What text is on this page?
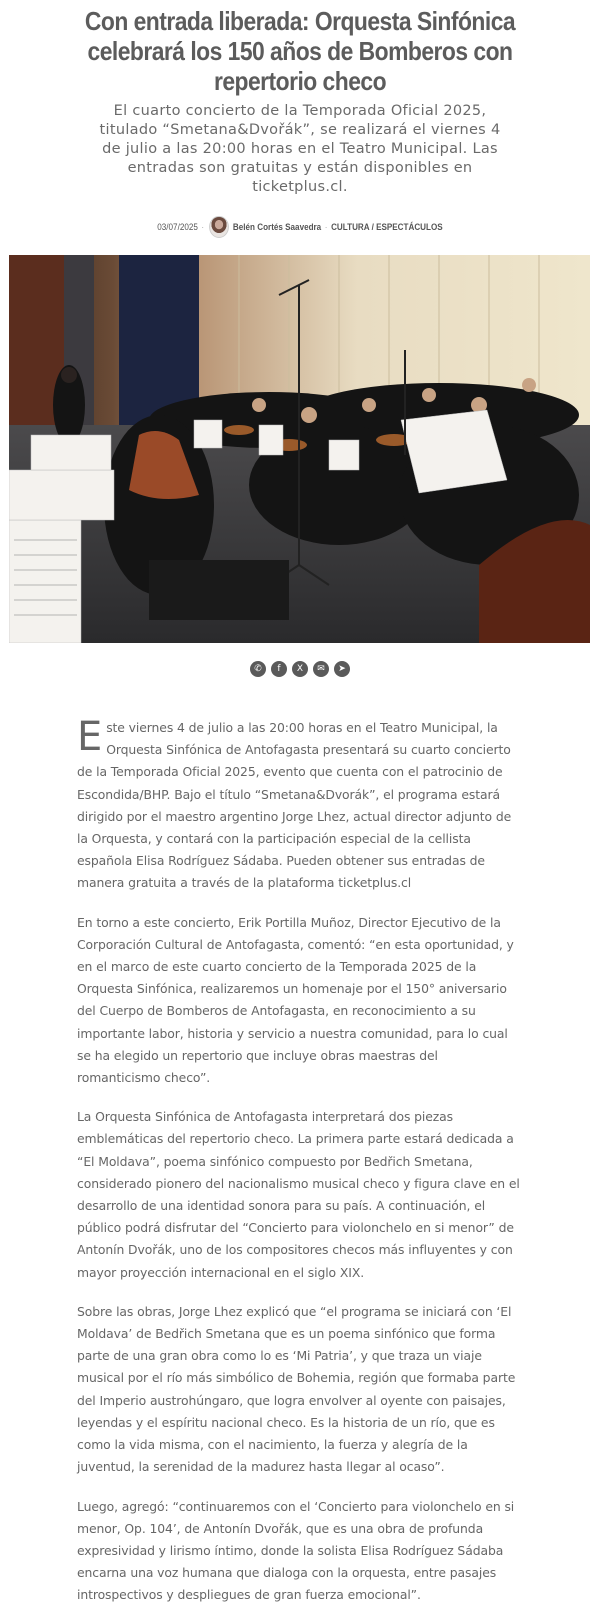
Con entrada liberada: Orquesta Sinfónica celebrará los 150 años de Bomberos con repertorio checo
El cuarto concierto de la Temporada Oficial 2025, titulado “Smetana&Dvořák”, se realizará el viernes 4 de julio a las 20:00 horas en el Teatro Municipal. Las entradas son gratuitas y están disponibles en ticketplus.cl.
03/07/2025 ·	Belén Cortés Saavedra · CULTURA / ESPECTÁCULOS
✆	f	X	✉	➤

Este viernes 4 de julio a las 20:00 horas en el Teatro Municipal, la Orquesta Sinfónica de Antofagasta presentará su cuarto concierto de la Temporada Oficial 2025, evento que cuenta con el patrocinio de Escondida/BHP. Bajo el título “Smetana&Dvorák”, el programa estará dirigido por el maestro argentino Jorge Lhez, actual director adjunto de la Orquesta, y contará con la participación especial de la cellista española Elisa Rodríguez Sádaba. Pueden obtener sus entradas de manera gratuita a través de la plataforma ticketplus.cl

En torno a este concierto, Erik Portilla Muñoz, Director Ejecutivo de la Corporación Cultural de Antofagasta, comentó: “en esta oportunidad, y en el marco de este cuarto concierto de la Temporada 2025 de la Orquesta Sinfónica, realizaremos un homenaje por el 150° aniversario del Cuerpo de Bomberos de Antofagasta, en reconocimiento a su importante labor, historia y servicio a nuestra comunidad, para lo cual se ha elegido un repertorio que incluye obras maestras del romanticismo checo”.

La Orquesta Sinfónica de Antofagasta interpretará dos piezas emblemáticas del repertorio checo. La primera parte estará dedicada a “El Moldava”, poema sinfónico compuesto por Bedřich Smetana, considerado pionero del nacionalismo musical checo y figura clave en el desarrollo de una identidad sonora para su país. A continuación, el público podrá disfrutar del “Concierto para violonchelo en si menor” de Antonín Dvořák, uno de los compositores checos más influyentes y con mayor proyección internacional en el siglo XIX.

Sobre las obras, Jorge Lhez explicó que “el programa se iniciará con ‘El Moldava’ de Bedřich Smetana que es un poema sinfónico que forma parte de una gran obra como lo es ‘Mi Patria’, y que traza un viaje musical por el río más simbólico de Bohemia, región que formaba parte del Imperio austrohúngaro, que logra envolver al oyente con paisajes, leyendas y el espíritu nacional checo. Es la historia de un río, que es como la vida misma, con el nacimiento, la fuerza y alegría de la juventud, la serenidad de la madurez hasta llegar al ocaso”.

Luego, agregó: “continuaremos con el ‘Concierto para violonchelo en si menor, Op. 104’, de Antonín Dvořák, que es una obra de profunda expresividad y lirismo íntimo, donde la solista Elisa Rodríguez Sádaba encarna una voz humana que dialoga con la orquesta, entre pasajes introspectivos y despliegues de gran fuerza emocional”.
